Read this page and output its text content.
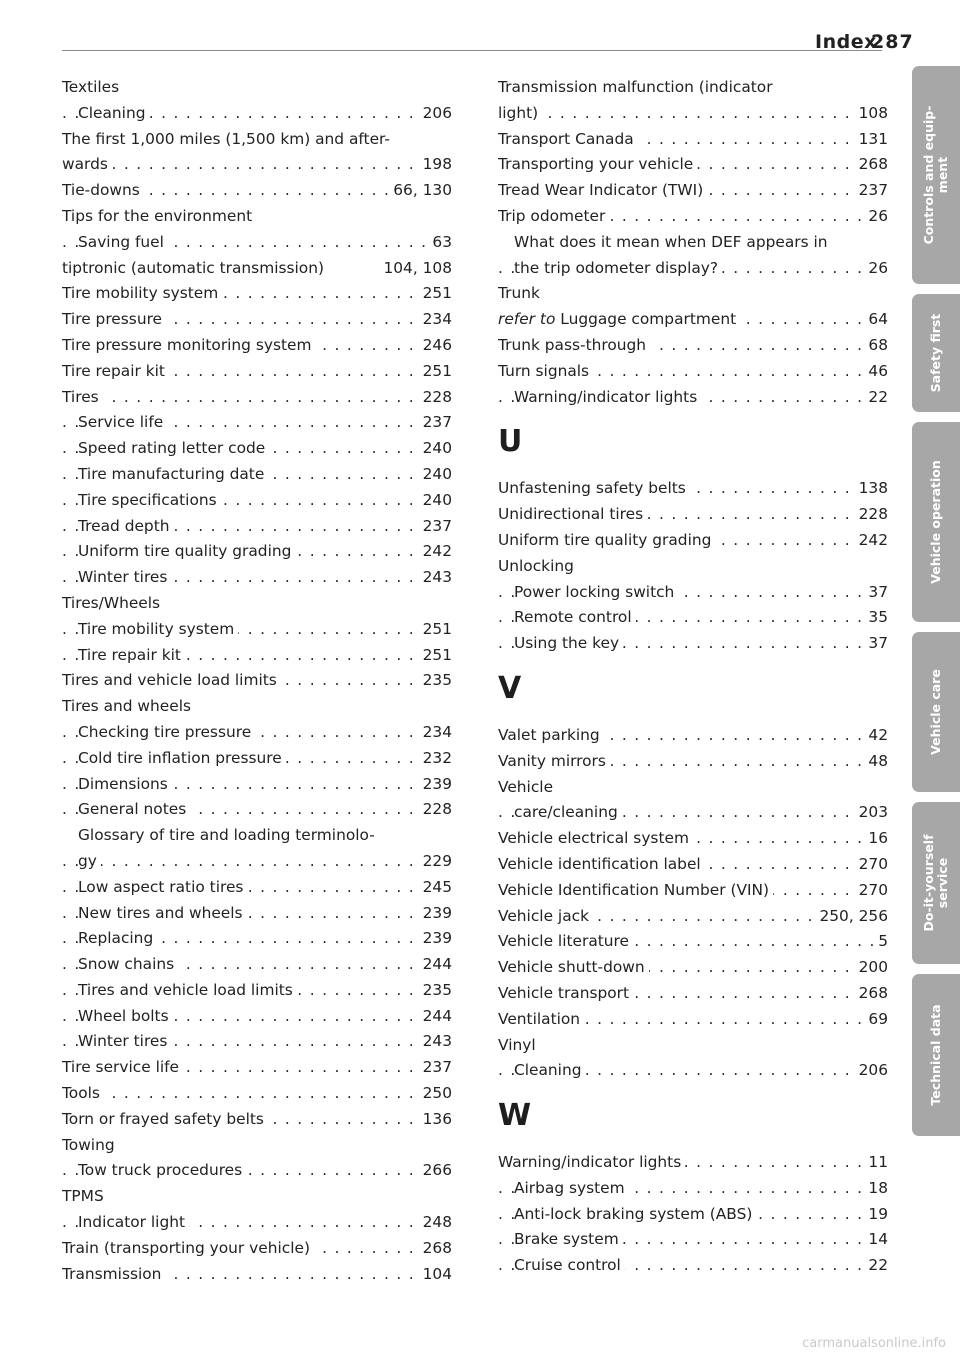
Index
287
Textiles
. . . Cleaning	206
The first 1,000 miles (1,500 km) and after-
. . . wards	198
. . . Tie-downs	66, 130
Tips for the environment
. . . Saving fuel	63
tiptronic (automatic transmission)	104, 108
. . . Tire mobility system	251
. . . Tire pressure	234
. . . Tire pressure monitoring system	246
. . . Tire repair kit	251
. . . Tires	228
. . . Service life	237
. . . Speed rating letter code	240
. . . Tire manufacturing date	240
. . . Tire specifications	240
. . . Tread depth	237
. . . Uniform tire quality grading	242
. . . Winter tires	243
Tires/Wheels
. . . Tire mobility system	251
. . . Tire repair kit	251
. . . Tires and vehicle load limits	235
Tires and wheels
. . . Checking tire pressure	234
. . . Cold tire inflation pressure	232
. . . Dimensions	239
. . . General notes	228
Glossary of tire and loading terminolo-
. . . gy	229
. . . Low aspect ratio tires	245
. . . New tires and wheels	239
. . . Replacing	239
. . . Snow chains	244
. . . Tires and vehicle load limits	235
. . . Wheel bolts	244
. . . Winter tires	243
. . . Tire service life	237
. . . Tools	250
. . . Torn or frayed safety belts	136
Towing
. . . Tow truck procedures	266
TPMS
. . . Indicator light	248
. . . Train (transporting your vehicle)	268
. . . Transmission	104
Transmission malfunction (indicator
. . . light)	108
. . . Transport Canada	131
. . . Transporting your vehicle	268
. . . Tread Wear Indicator (TWI)	237
. . . Trip odometer	26
What does it mean when DEF appears in
. . . the trip odometer display?	26
Trunk
. . . refer to Luggage compartment	64
. . . Trunk pass-through	68
. . . Turn signals	46
. . . Warning/indicator lights	22
U
. . . Unfastening safety belts	138
. . . Unidirectional tires	228
. . . Uniform tire quality grading	242
Unlocking
. . . Power locking switch	37
. . . Remote control	35
. . . Using the key	37
V
. . . Valet parking	42
. . . Vanity mirrors	48
Vehicle
. . . care/cleaning	203
. . . Vehicle electrical system	16
. . . Vehicle identification label	270
. . . Vehicle Identification Number (VIN)	270
. . . Vehicle jack	250, 256
. . . Vehicle literature	5
. . . Vehicle shutt-down	200
. . . Vehicle transport	268
. . . Ventilation	69
Vinyl
. . . Cleaning	206
W
. . . Warning/indicator lights	11
. . . Airbag system	18
. . . Anti-lock braking system (ABS)	19
. . . Brake system	14
. . . Cruise control	22
Controls and equip-
ment
Safety first
Vehicle operation
Vehicle care
Do-it-yourself
service
Technical data
carmanualsonline.info
